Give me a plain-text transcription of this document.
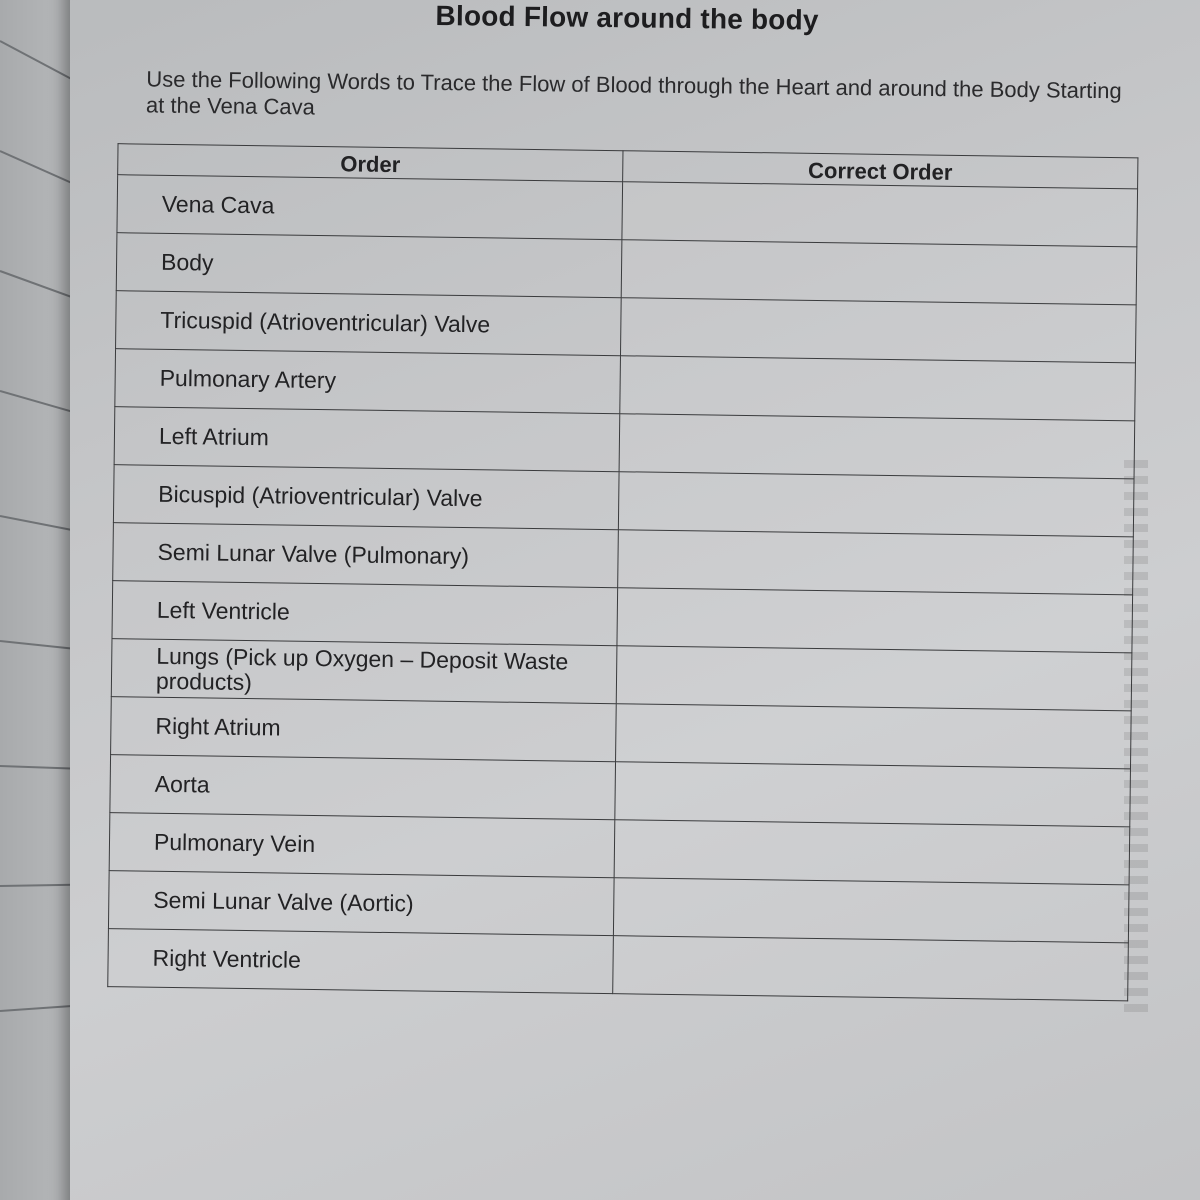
Blood Flow around the body
Use the Following Words to Trace the Flow of Blood through the Heart and around the Body Starting at the Vena Cava
Order	Correct Order

Vena Cava	

Body	

Tricuspid (Atrioventricular) Valve	

Pulmonary Artery	

Left Atrium	

Bicuspid (Atrioventricular) Valve	

Semi Lunar Valve (Pulmonary)	

Left Ventricle	

Lungs (Pick up Oxygen – Deposit Waste products)	

Right Atrium	

Aorta	

Pulmonary Vein	

Semi Lunar Valve (Aortic)	

Right Ventricle	
